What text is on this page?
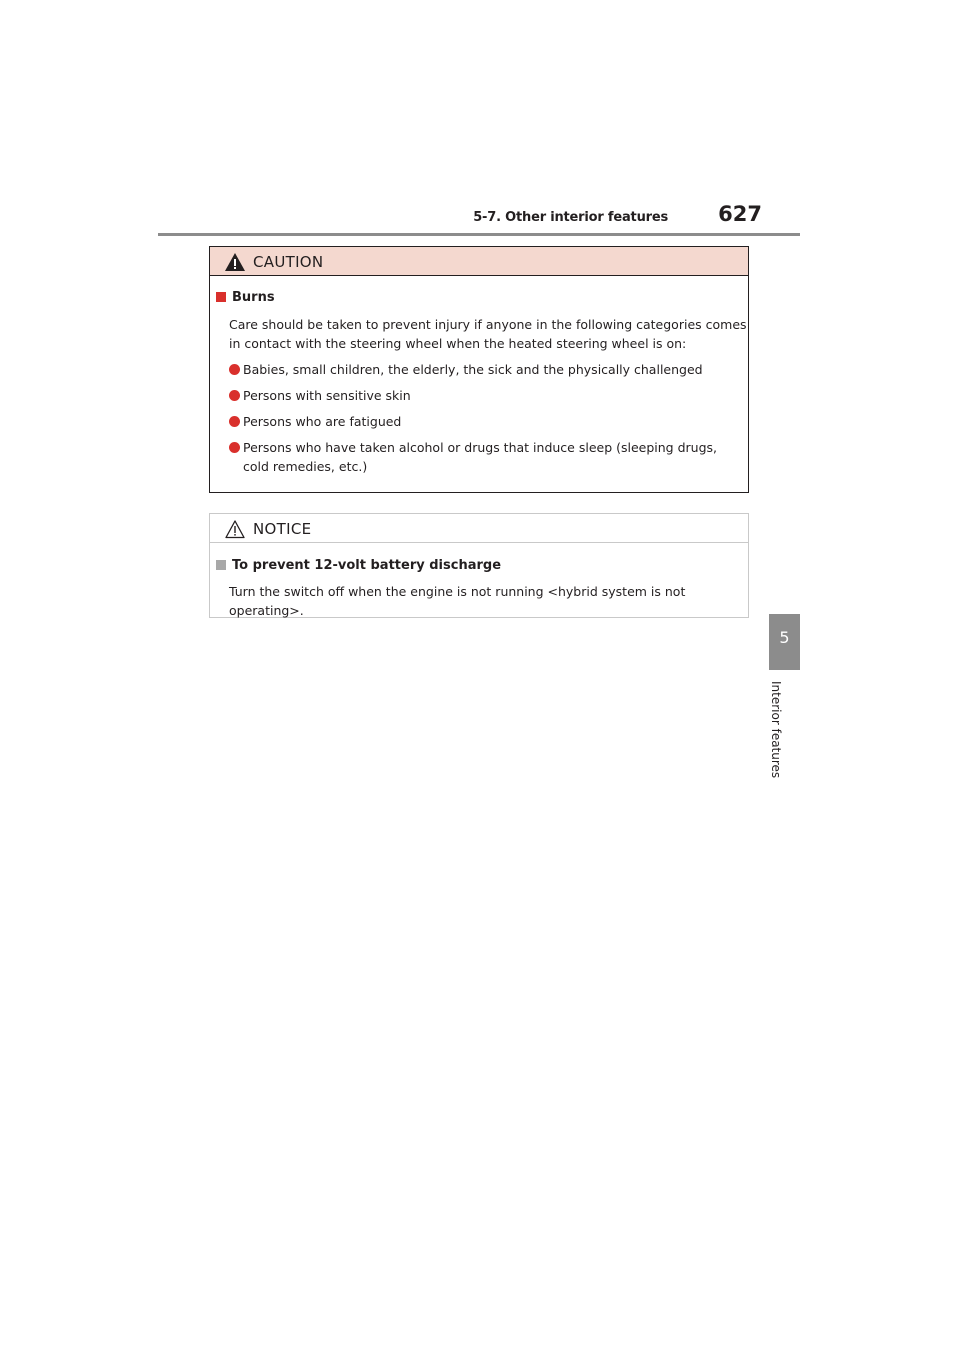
5-7. Other interior features	627
5
Interior features
CAUTION
Burns
Care should be taken to prevent injury if anyone in the following categories comes in contact with the steering wheel when the heated steering wheel is on:
Babies, small children, the elderly, the sick and the physically challenged
Persons with sensitive skin
Persons who are fatigued
Persons who have taken alcohol or drugs that induce sleep (sleeping drugs, cold remedies, etc.)
NOTICE
To prevent 12-volt battery discharge
Turn the switch off when the engine is not running <hybrid system is not operating>.
